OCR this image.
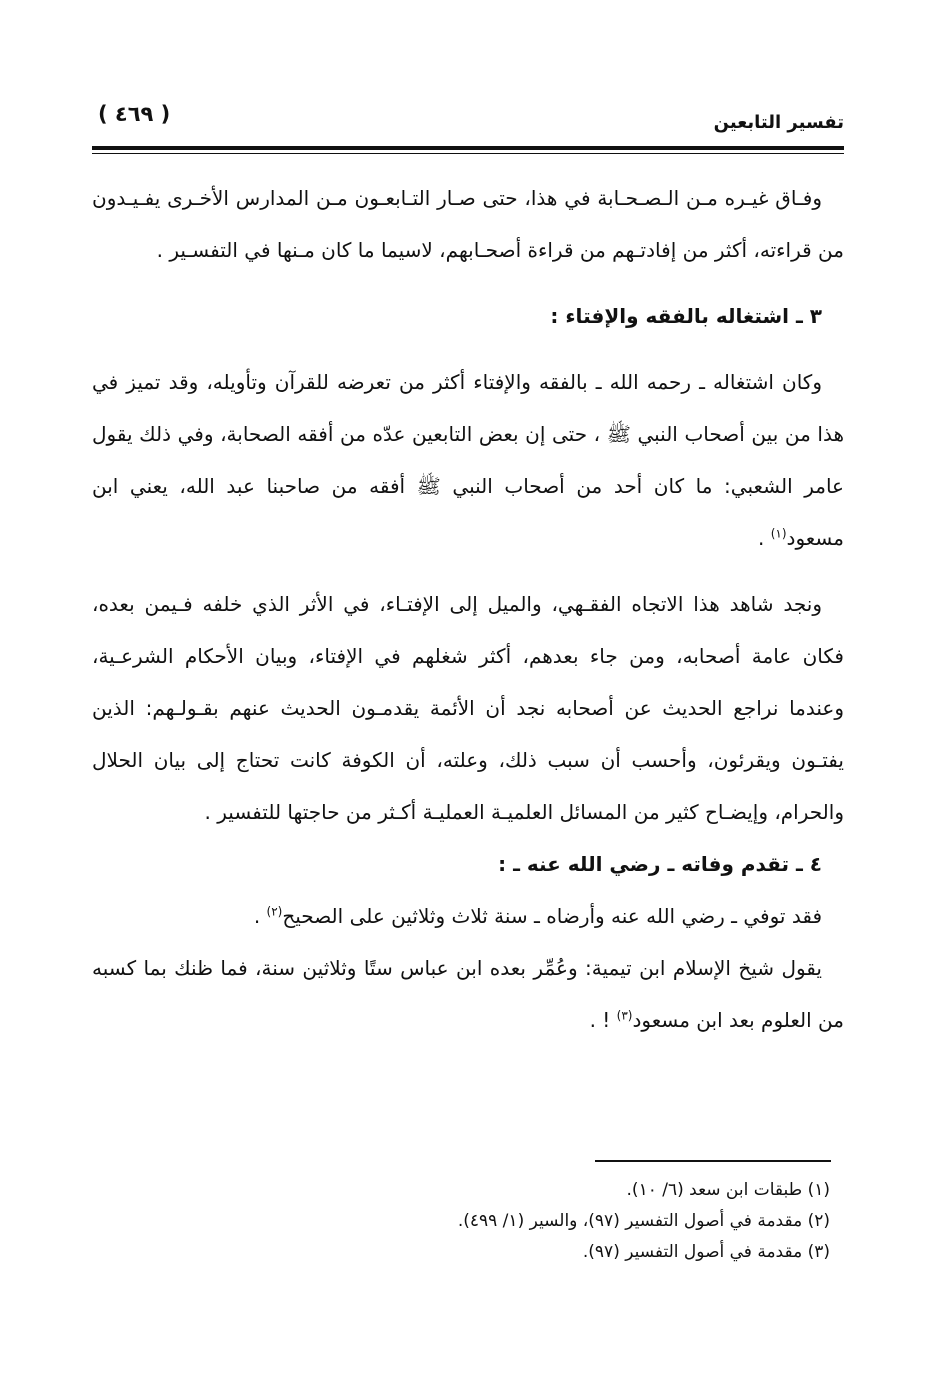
( ٤٦٩ )	تفسير التابعين

وفـاق غيـره مـن الـصـحـابة في هذا، حتى صـار التـابعـون مـن المدارس الأخـرى يفـيـدون من قراءته، أكثر من إفادتـهم من قراءة أصحـابهم، لاسيما ما كان مـنها في التفسـير .

٣ ـ اشتغاله بالفقه والإفتاء :

وكان اشتغاله ـ رحمه الله ـ بالفقه والإفتاء أكثر من تعرضه للقرآن وتأويله، وقد تميز في هذا من بين أصحاب النبي ﷺ ، حتى إن بعض التابعين عدّه من أفقه الصحابة، وفي ذلك يقول عامر الشعبي: ما كان أحد من أصحاب النبي ﷺ أفقه من صاحبنا عبد الله، يعني ابن مسعود$^{(١)}$ .

ونجد شاهد هذا الاتجاه الفقـهي، والميل إلى الإفتـاء، في الأثر الذي خلفه فـيمن بعده، فكان عامة أصحابه، ومن جاء بعدهم، أكثر شغلهم في الإفتاء، وبيان الأحكام الشرعـية، وعندما نراجع الحديث عن أصحابه نجد أن الأئمة يقدمـون الحديث عنهم بقـولـهم: الذين يفتـون ويقرئون، وأحسب أن سبب ذلك، وعلته، أن الكوفة كانت تحتاج إلى بيان الحلال والحرام، وإيضـاح كثير من المسائل العلميـة العمليـة أكـثر من حاجتها للتفسير .

٤ ـ تقدم وفاته ـ رضي الله عنه ـ :

فقد توفي ـ رضي الله عنه وأرضاه ـ سنة ثلاث وثلاثين على الصحيح$^{(٢)}$ .

يقول شيخ الإسلام ابن تيمية: وعُمِّر بعده ابن عباس ستًا وثلاثين سنة، فما ظنك بما كسبه من العلوم بعد ابن مسعود$^{(٣)}$ ! .

(١) طبقات ابن سعد (٦/ ١٠).
(٢) مقدمة في أصول التفسير (٩٧)، والسير (١/ ٤٩٩).
(٣) مقدمة في أصول التفسير (٩٧).
